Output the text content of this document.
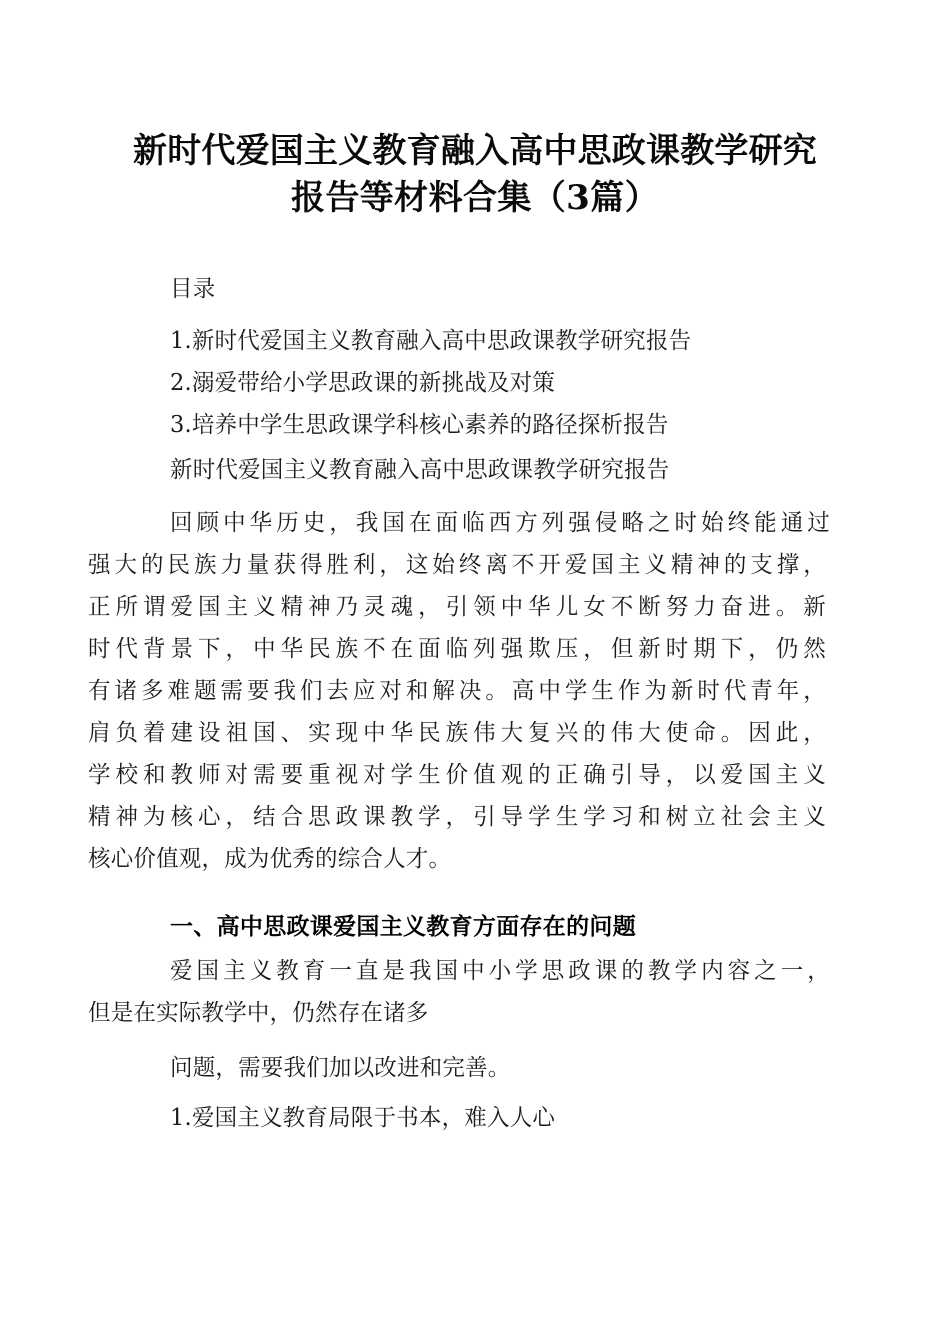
新时代爱国主义教育融入高中思政课教学研究
报告等材料合集（3篇）
目录
1.新时代爱国主义教育融入高中思政课教学研究报告
2.溺爱带给小学思政课的新挑战及对策
3.培养中学生思政课学科核心素养的路径探析报告
新时代爱国主义教育融入高中思政课教学研究报告
回顾中华历史，我国在面临西方列强侵略之时始终能通过
强大的民族力量获得胜利，这始终离不开爱国主义精神的支撑，
正所谓爱国主义精神乃灵魂，引领中华儿女不断努力奋进。新
时代背景下，中华民族不在面临列强欺压，但新时期下，仍然
有诸多难题需要我们去应对和解决。高中学生作为新时代青年，
肩负着建设祖国、实现中华民族伟大复兴的伟大使命。因此，
学校和教师对需要重视对学生价值观的正确引导，以爱国主义
精神为核心，结合思政课教学，引导学生学习和树立社会主义
核心价值观，成为优秀的综合人才。
一、高中思政课爱国主义教育方面存在的问题
爱国主义教育一直是我国中小学思政课的教学内容之一，
但是在实际教学中，仍然存在诸多
问题，需要我们加以改进和完善。
1.爱国主义教育局限于书本，难入人心
